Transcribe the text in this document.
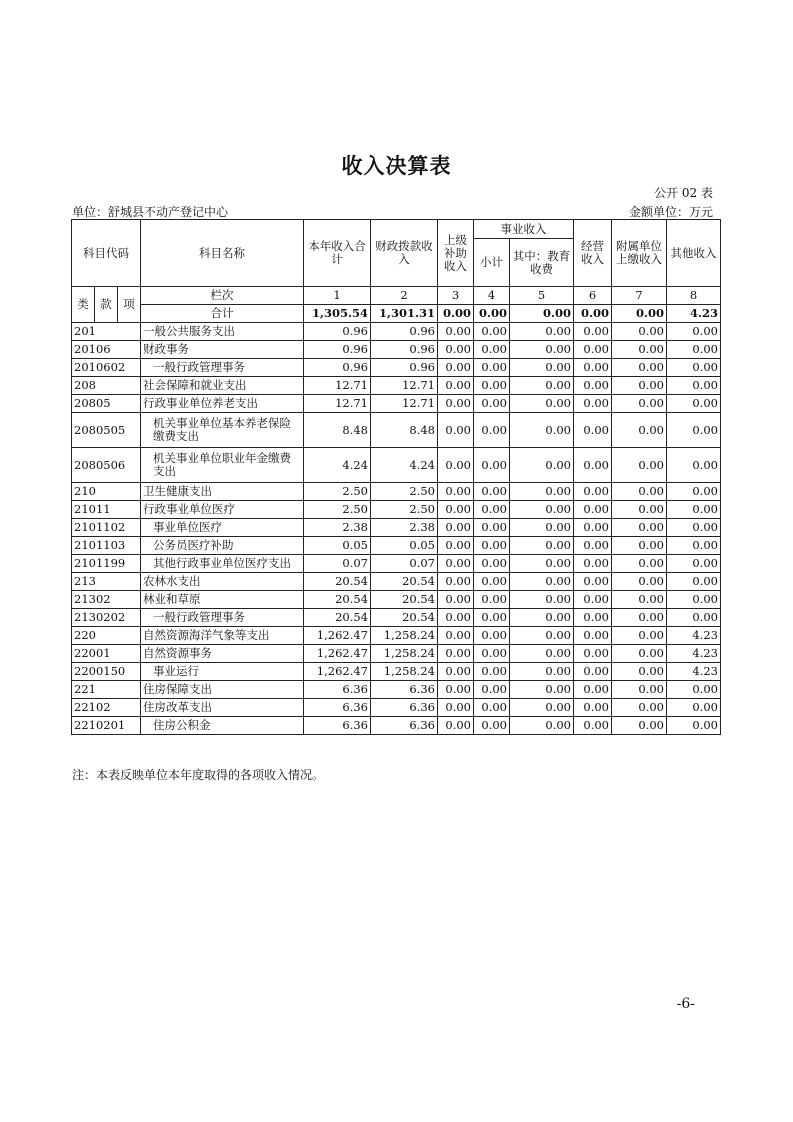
收入决算表
公开 02 表
单位：舒城县不动产登记中心	金额单位：万元
科目代码			科目名称	本年收入合计	财政拨款收入	上级补助收入	事业收入		经营收入	附属单位上缴收入	其他收入
							小计	其中：教育收费			
类	款	项	栏次	1	2	3	4	5	6	7	8
			合计	1,305.54	1,301.31	0.00	0.00	0.00	0.00	0.00	4.23
201			一般公共服务支出	0.96	0.96	0.00	0.00	0.00	0.00	0.00	0.00
20106			财政事务	0.96	0.96	0.00	0.00	0.00	0.00	0.00	0.00
2010602			一般行政管理事务	0.96	0.96	0.00	0.00	0.00	0.00	0.00	0.00
208			社会保障和就业支出	12.71	12.71	0.00	0.00	0.00	0.00	0.00	0.00
20805			行政事业单位养老支出	12.71	12.71	0.00	0.00	0.00	0.00	0.00	0.00
2080505			机关事业单位基本养老保险缴费支出	8.48	8.48	0.00	0.00	0.00	0.00	0.00	0.00
2080506			机关事业单位职业年金缴费支出	4.24	4.24	0.00	0.00	0.00	0.00	0.00	0.00
210			卫生健康支出	2.50	2.50	0.00	0.00	0.00	0.00	0.00	0.00
21011			行政事业单位医疗	2.50	2.50	0.00	0.00	0.00	0.00	0.00	0.00
2101102			事业单位医疗	2.38	2.38	0.00	0.00	0.00	0.00	0.00	0.00
2101103			公务员医疗补助	0.05	0.05	0.00	0.00	0.00	0.00	0.00	0.00
2101199			其他行政事业单位医疗支出	0.07	0.07	0.00	0.00	0.00	0.00	0.00	0.00
213			农林水支出	20.54	20.54	0.00	0.00	0.00	0.00	0.00	0.00
21302			林业和草原	20.54	20.54	0.00	0.00	0.00	0.00	0.00	0.00
2130202			一般行政管理事务	20.54	20.54	0.00	0.00	0.00	0.00	0.00	0.00
220			自然资源海洋气象等支出	1,262.47	1,258.24	0.00	0.00	0.00	0.00	0.00	4.23
22001			自然资源事务	1,262.47	1,258.24	0.00	0.00	0.00	0.00	0.00	4.23
2200150			事业运行	1,262.47	1,258.24	0.00	0.00	0.00	0.00	0.00	4.23
221			住房保障支出	6.36	6.36	0.00	0.00	0.00	0.00	0.00	0.00
22102			住房改革支出	6.36	6.36	0.00	0.00	0.00	0.00	0.00	0.00
2210201			住房公积金	6.36	6.36	0.00	0.00	0.00	0.00	0.00	0.00
注：本表反映单位本年度取得的各项收入情况。
-6-
